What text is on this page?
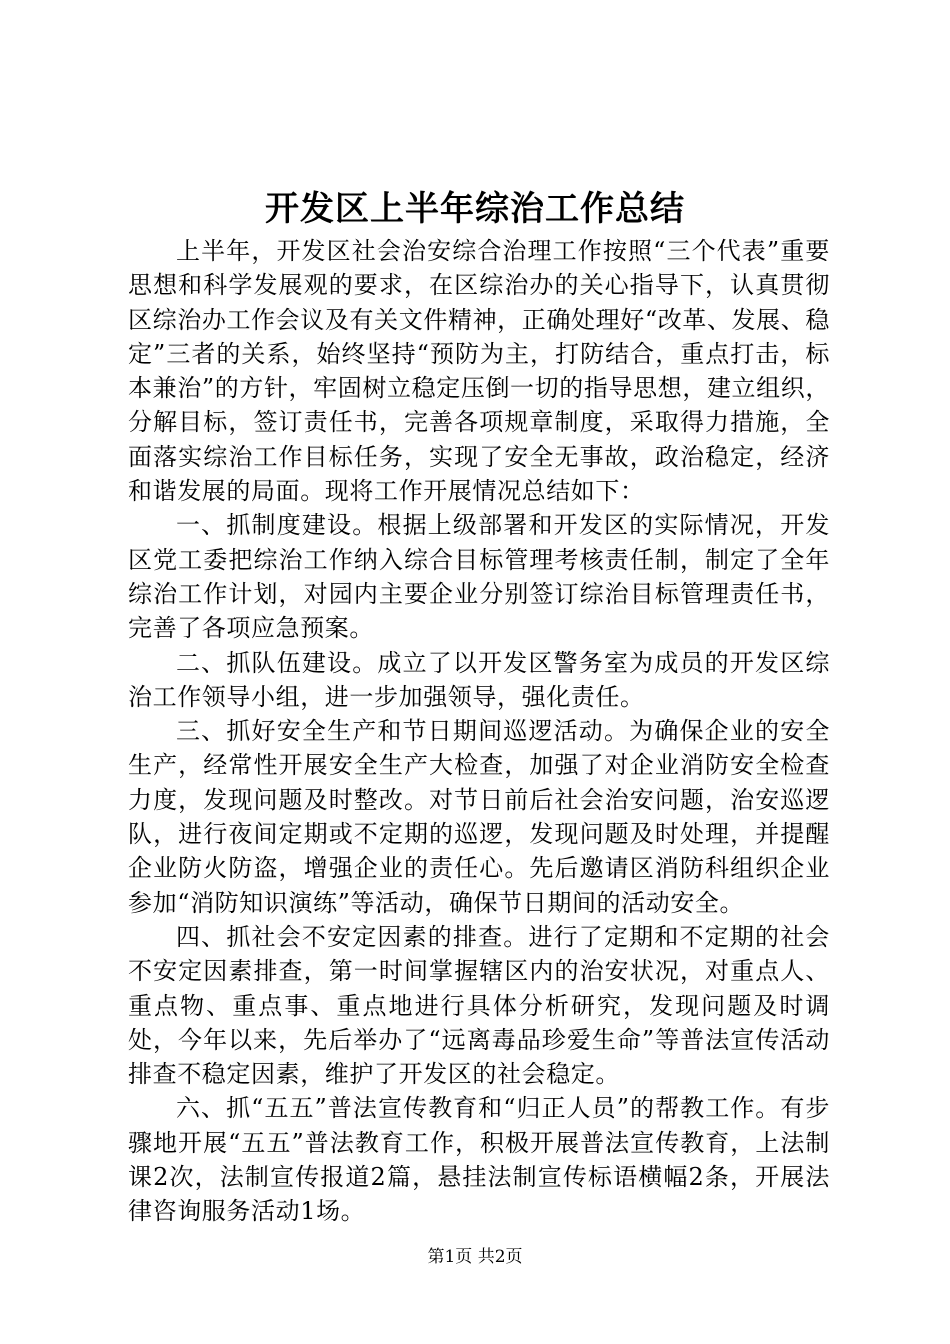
开发区上半年综治工作总结

上半年，开发区社会治安综合治理工作按照“三个代表”重要思想和科学发展观的要求，在区综治办的关心指导下，认真贯彻区综治办工作会议及有关文件精神，正确处理好“改革、发展、稳定”三者的关系，始终坚持“预防为主，打防结合，重点打击，标本兼治”的方针，牢固树立稳定压倒一切的指导思想，建立组织，分解目标，签订责任书，完善各项规章制度，采取得力措施，全面落实综治工作目标任务，实现了安全无事故，政治稳定，经济和谐发展的局面。现将工作开展情况总结如下：

一、抓制度建设。根据上级部署和开发区的实际情况，开发区党工委把综治工作纳入综合目标管理考核责任制，制定了全年综治工作计划，对园内主要企业分别签订综治目标管理责任书，完善了各项应急预案。

二、抓队伍建设。成立了以开发区警务室为成员的开发区综治工作领导小组，进一步加强领导，强化责任。

三、抓好安全生产和节日期间巡逻活动。为确保企业的安全生产，经常性开展安全生产大检查，加强了对企业消防安全检查力度，发现问题及时整改。对节日前后社会治安问题，治安巡逻队，进行夜间定期或不定期的巡逻，发现问题及时处理，并提醒企业防火防盗，增强企业的责任心。先后邀请区消防科组织企业参加“消防知识演练”等活动，确保节日期间的活动安全。

四、抓社会不安定因素的排查。进行了定期和不定期的社会不安定因素排查，第一时间掌握辖区内的治安状况，对重点人、重点物、重点事、重点地进行具体分析研究，发现问题及时调处，今年以来，先后举办了“远离毒品珍爱生命”等普法宣传活动排查不稳定因素，维护了开发区的社会稳定。

六、抓“五五”普法宣传教育和“归正人员”的帮教工作。有步骤地开展“五五”普法教育工作，积极开展普法宣传教育，上法制课2次，法制宣传报道2篇，悬挂法制宣传标语横幅2条，开展法律咨询服务活动1场。

第1页 共2页
